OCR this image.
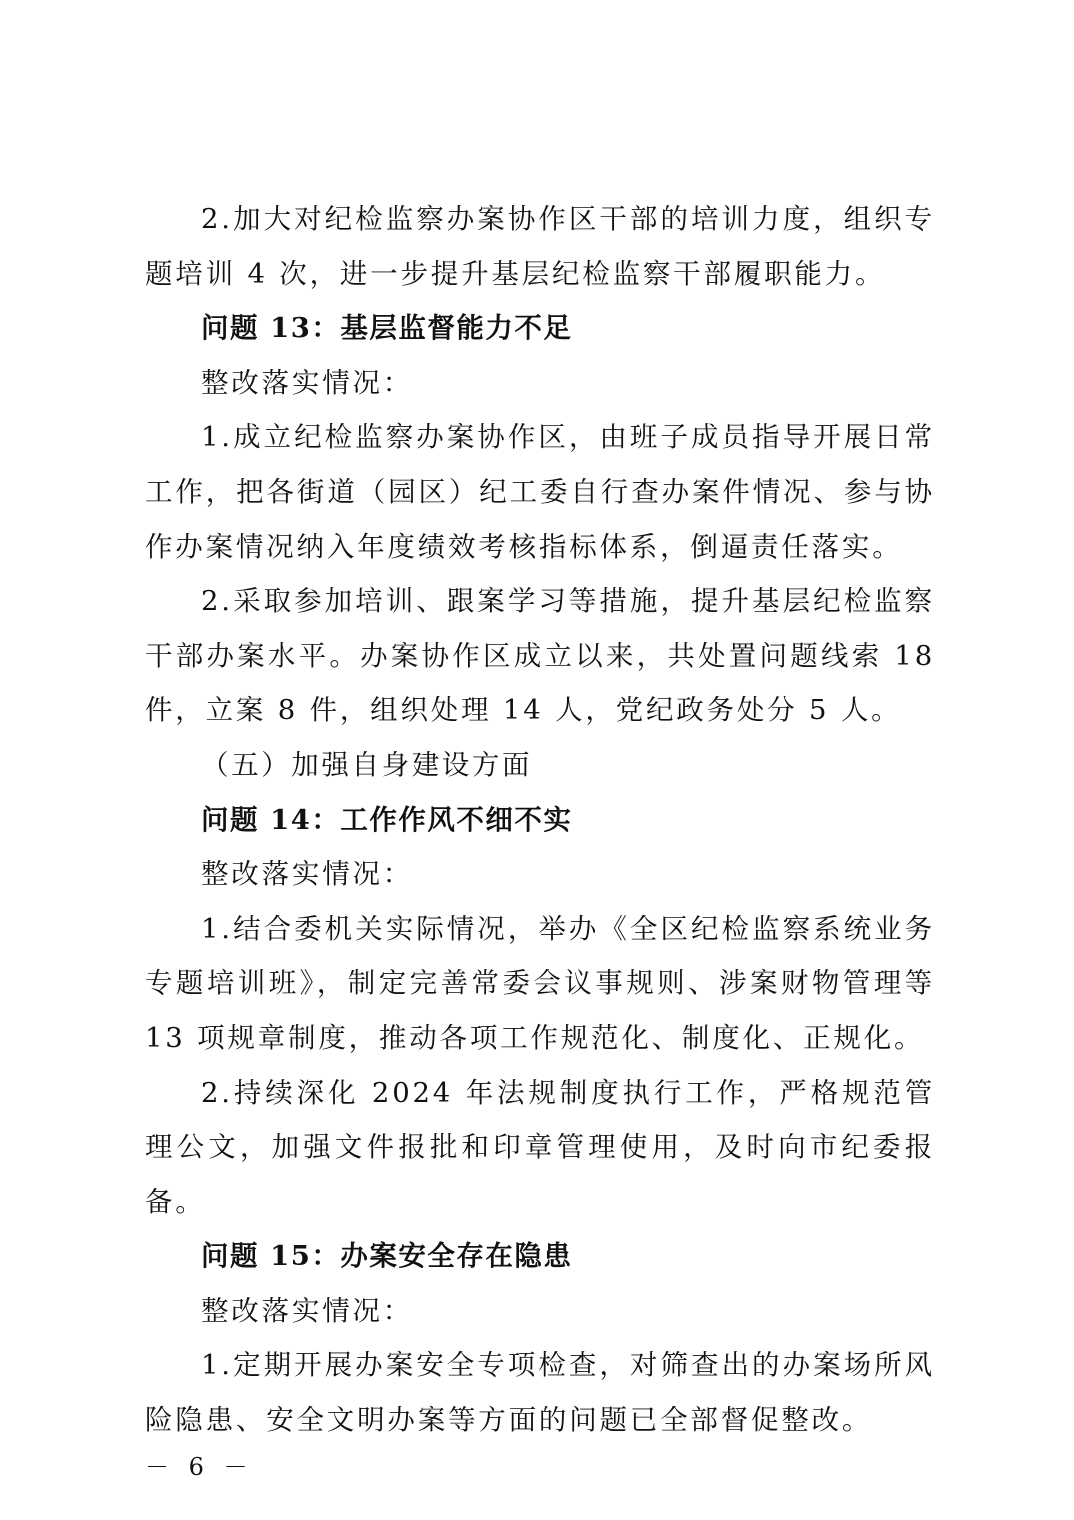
2.加大对纪检监察办案协作区干部的培训力度，组织专题培训 4 次，进一步提升基层纪检监察干部履职能力。

问题 13：基层监督能力不足

整改落实情况：

1.成立纪检监察办案协作区，由班子成员指导开展日常工作，把各街道（园区）纪工委自行查办案件情况、参与协作办案情况纳入年度绩效考核指标体系，倒逼责任落实。

2.采取参加培训、跟案学习等措施，提升基层纪检监察干部办案水平。办案协作区成立以来，共处置问题线索 18 件，立案 8 件，组织处理 14 人，党纪政务处分 5 人。

（五）加强自身建设方面

问题 14：工作作风不细不实

整改落实情况：

1.结合委机关实际情况，举办《全区纪检监察系统业务专题培训班》，制定完善常委会议事规则、涉案财物管理等 13 项规章制度，推动各项工作规范化、制度化、正规化。

2.持续深化 2024 年法规制度执行工作，严格规范管理公文，加强文件报批和印章管理使用，及时向市纪委报备。

问题 15：办案安全存在隐患

整改落实情况：

1.定期开展办案安全专项检查，对筛查出的办案场所风险隐患、安全文明办案等方面的问题已全部督促整改。

－ 6 －
